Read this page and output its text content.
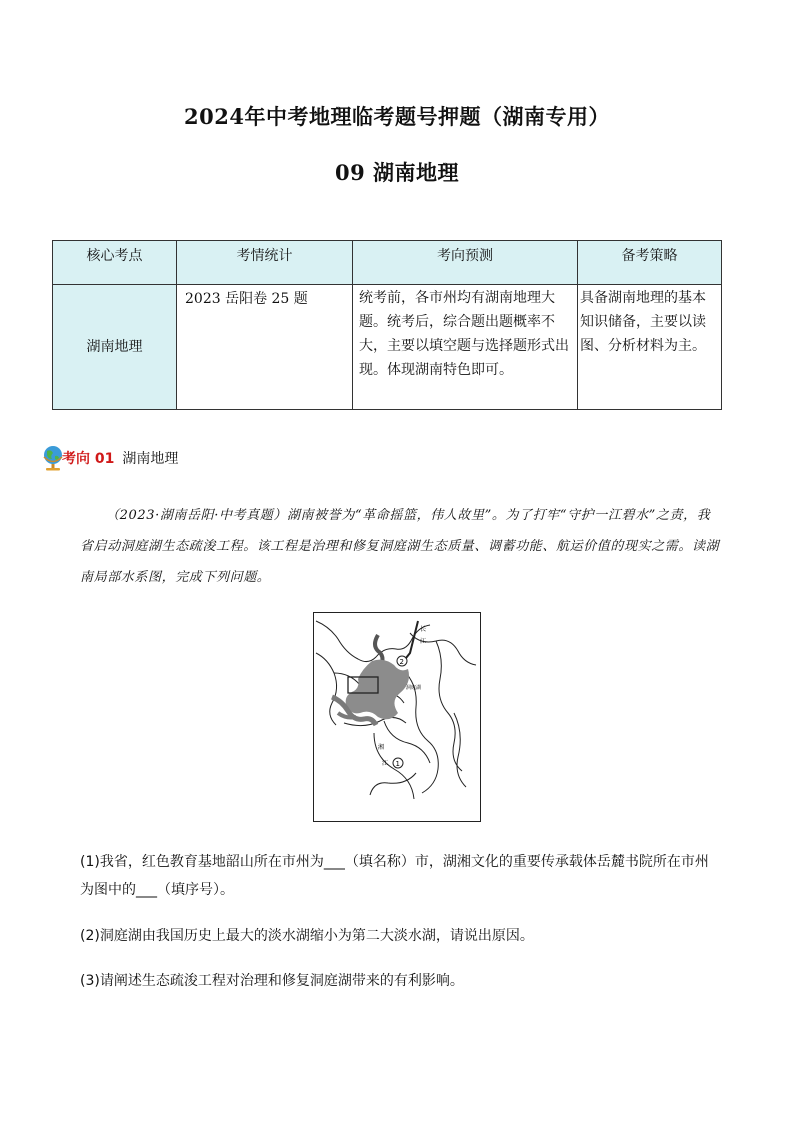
2024年中考地理临考题号押题（湖南专用）
09 湖南地理
核心考点	考情统计	考向预测	备考策略
湖南地理	2023 岳阳卷 25 题	统考前，各市州均有湖南地理大题。统考后，综合题出题概率不大，主要以填空题与选择题形式出现。体现湖南特色即可。	具备湖南地理的基本知识储备，主要以读图、分析材料为主。
考向 01 湖南地理
（2023·湖南岳阳·中考真题）湖南被誉为“革命摇篮，伟人故里”。为了打牢“守护一江碧水”之责，我省启动洞庭湖生态疏浚工程。该工程是治理和修复洞庭湖生态质量、调蓄功能、航运价值的现实之需。读湖南局部水系图，完成下列问题。
2
1
长
江
洞庭湖
湘
江
(1)我省，红色教育基地韶山所在市州为___（填名称）市，湖湘文化的重要传承载体岳麓书院所在市州为图中的___（填序号）。
(2)洞庭湖由我国历史上最大的淡水湖缩小为第二大淡水湖，请说出原因。
(3)请阐述生态疏浚工程对治理和修复洞庭湖带来的有利影响。
